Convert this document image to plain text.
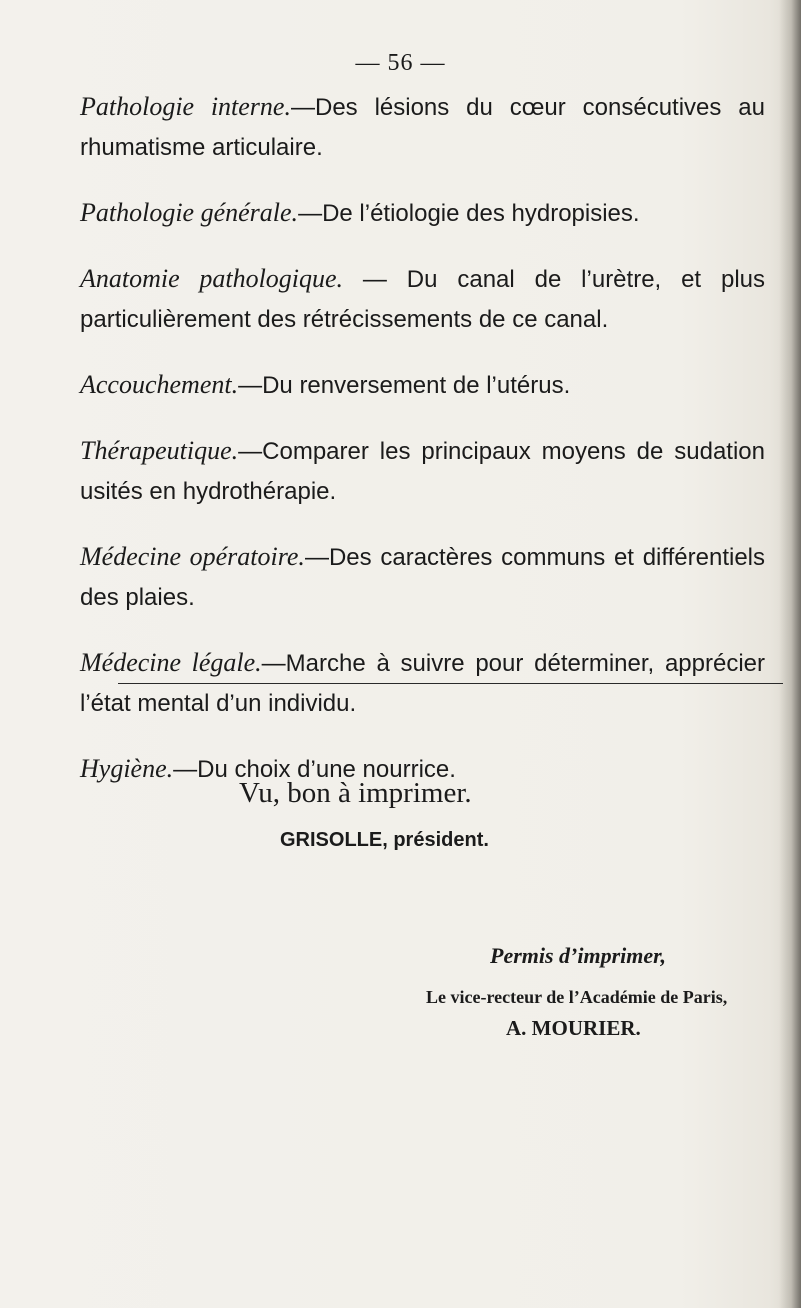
— 56 —

Pathologie interne.—Des lésions du cœur consécutives au rhumatisme articulaire.

Pathologie générale.—De l’étiologie des hydropisies.

Anatomie pathologique. — Du canal de l’urètre, et plus particulièrement des rétrécissements de ce canal.

Accouchement.—Du renversement de l’utérus.

Thérapeutique.—Comparer les principaux moyens de sudation usités en hydrothérapie.

Médecine opératoire.—Des caractères communs et différentiels des plaies.

Médecine légale.—Marche à suivre pour déterminer, apprécier l’état mental d’un individu.

Hygiène.—Du choix d’une nourrice.

Vu, bon à imprimer.
GRISOLLE, président.
Permis d’imprimer,
Le vice-recteur de l’Académie de Paris,
A. MOURIER.
